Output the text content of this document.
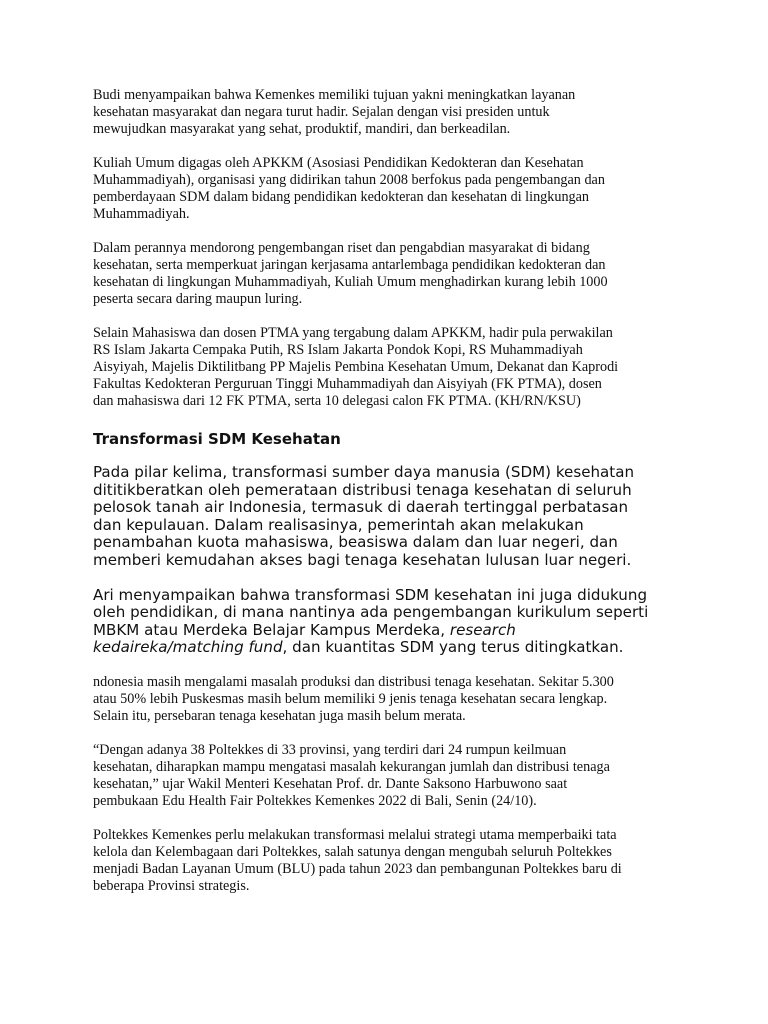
Budi menyampaikan bahwa Kemenkes memiliki tujuan yakni meningkatkan layanan
kesehatan masyarakat dan negara turut hadir. Sejalan dengan visi presiden untuk
mewujudkan masyarakat yang sehat, produktif, mandiri, dan berkeadilan.

Kuliah Umum digagas oleh APKKM (Asosiasi Pendidikan Kedokteran dan Kesehatan
Muhammadiyah), organisasi yang didirikan tahun 2008 berfokus pada pengembangan dan
pemberdayaan SDM dalam bidang pendidikan kedokteran dan kesehatan di lingkungan
Muhammadiyah.

Dalam perannya mendorong pengembangan riset dan pengabdian masyarakat di bidang
kesehatan, serta memperkuat jaringan kerjasama antarlembaga pendidikan kedokteran dan
kesehatan di lingkungan Muhammadiyah, Kuliah Umum menghadirkan kurang lebih 1000
peserta secara daring maupun luring.

Selain Mahasiswa dan dosen PTMA yang tergabung dalam APKKM, hadir pula perwakilan
RS Islam Jakarta Cempaka Putih, RS Islam Jakarta Pondok Kopi, RS Muhammadiyah
Aisyiyah, Majelis Diktilitbang PP Majelis Pembina Kesehatan Umum, Dekanat dan Kaprodi
Fakultas Kedokteran Perguruan Tinggi Muhammadiyah dan Aisyiyah (FK PTMA), dosen
dan mahasiswa dari 12 FK PTMA, serta 10 delegasi calon FK PTMA. (KH/RN/KSU)

Transformasi SDM Kesehatan

Pada pilar kelima, transformasi sumber daya manusia (SDM) kesehatan
dititikberatkan oleh pemerataan distribusi tenaga kesehatan di seluruh
pelosok tanah air Indonesia, termasuk di daerah tertinggal perbatasan
dan kepulauan. Dalam realisasinya, pemerintah akan melakukan
penambahan kuota mahasiswa, beasiswa dalam dan luar negeri, dan
memberi kemudahan akses bagi tenaga kesehatan lulusan luar negeri.

Ari menyampaikan bahwa transformasi SDM kesehatan ini juga didukung
oleh pendidikan, di mana nantinya ada pengembangan kurikulum seperti
MBKM atau Merdeka Belajar Kampus Merdeka, research
kedaireka/matching fund, dan kuantitas SDM yang terus ditingkatkan.

ndonesia masih mengalami masalah produksi dan distribusi tenaga kesehatan. Sekitar 5.300
atau 50% lebih Puskesmas masih belum memiliki 9 jenis tenaga kesehatan secara lengkap.
Selain itu, persebaran tenaga kesehatan juga masih belum merata.

“Dengan adanya 38 Poltekkes di 33 provinsi, yang terdiri dari 24 rumpun keilmuan
kesehatan, diharapkan mampu mengatasi masalah kekurangan jumlah dan distribusi tenaga
kesehatan,” ujar Wakil Menteri Kesehatan Prof. dr. Dante Saksono Harbuwono saat
pembukaan Edu Health Fair Poltekkes Kemenkes 2022 di Bali, Senin (24/10).

Poltekkes Kemenkes perlu melakukan transformasi melalui strategi utama memperbaiki tata
kelola dan Kelembagaan dari Poltekkes, salah satunya dengan mengubah seluruh Poltekkes
menjadi Badan Layanan Umum (BLU) pada tahun 2023 dan pembangunan Poltekkes baru di
beberapa Provinsi strategis.
